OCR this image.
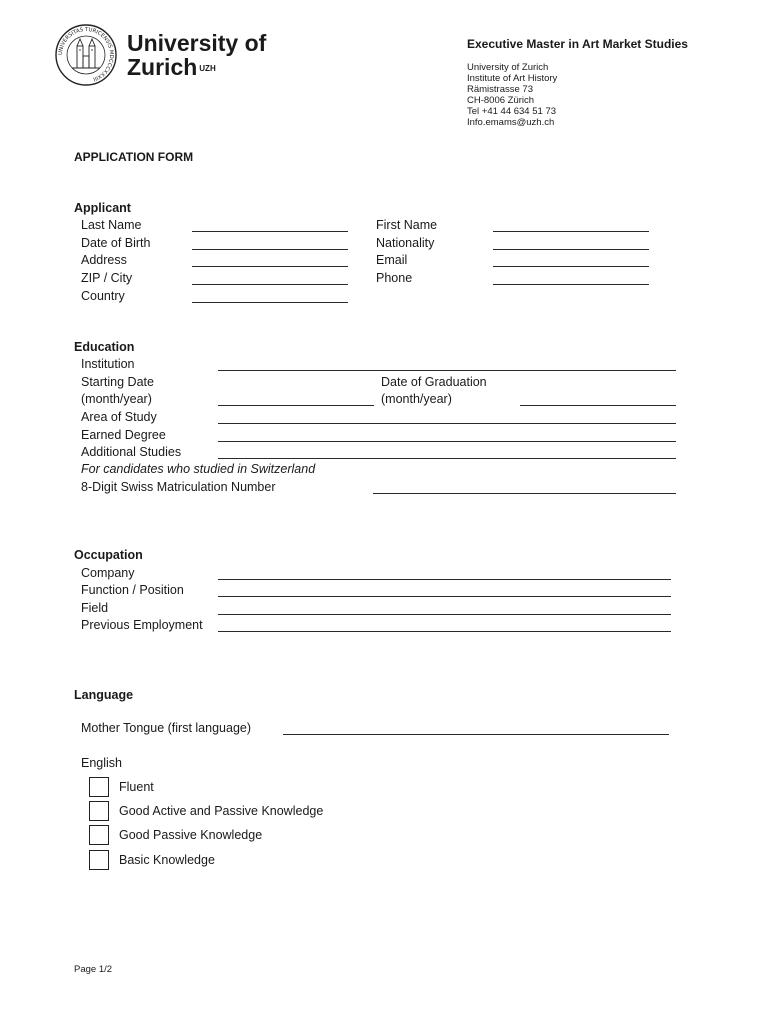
UNIVERSITAS TURICENSIS MDCCCXXXIII
University of
Zurich $^{UZH}$
Executive Master in Art Market Studies
University of Zurich
Institute of Art History
Rämistrasse 73
CH-8006 Zürich
Tel +41 44 634 51 73
Info.emams@uzh.ch
APPLICATION FORM
Applicant
Last Name
Date of Birth
Address
ZIP / City
Country
First Name
Nationality
Email
Phone
Education
Institution
Starting Date
(month/year)
Date of Graduation
(month/year)
Area of Study
Earned Degree
Additional Studies
For candidates who studied in Switzerland
8-Digit Swiss Matriculation Number
Occupation
Company
Function / Position
Field
Previous Employment
Language
Mother Tongue (first language)
English
Fluent
Good Active and Passive Knowledge
Good Passive Knowledge
Basic Knowledge
Page 1/2
